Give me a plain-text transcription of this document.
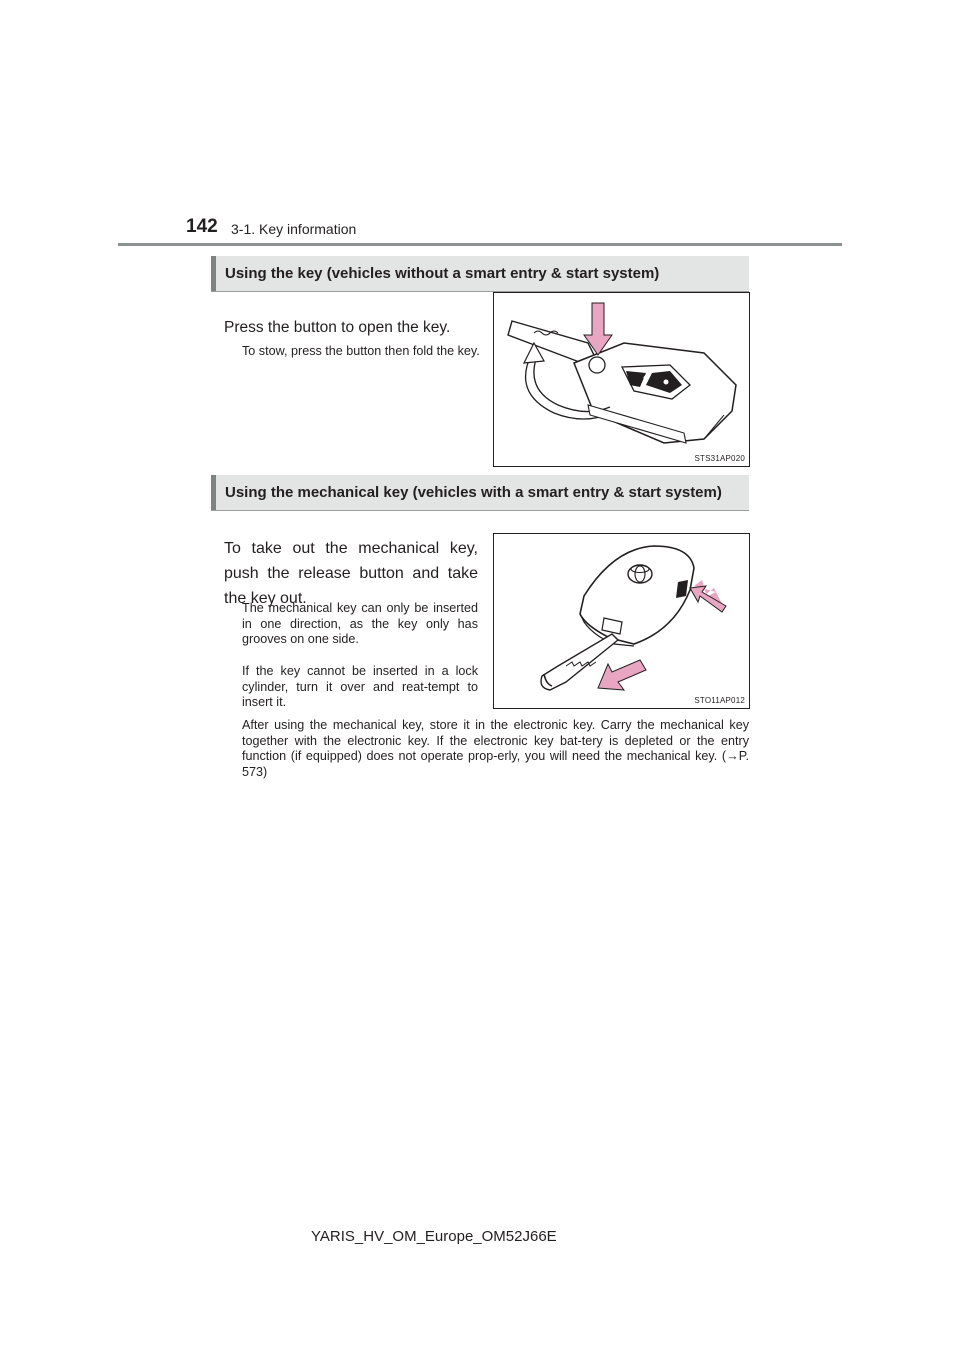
142 3-1. Key information
Using the key (vehicles without a smart entry & start system)
Press the button to open the key.
To stow, press the button then fold the key.
STS31AP020
Using the mechanical key (vehicles with a smart entry & start system)
To take out the mechanical key, push the release button and take the key out.
The mechanical key can only be inserted in one direction, as the key only has grooves on one side.
If the key cannot be inserted in a lock cylinder, turn it over and reat-tempt to insert it.
After using the mechanical key, store it in the electronic key. Carry the mechanical key together with the electronic key. If the electronic key bat-tery is depleted or the entry function (if equipped) does not operate prop-erly, you will need the mechanical key. (→P. 573)
STO11AP012
YARIS_HV_OM_Europe_OM52J66E
